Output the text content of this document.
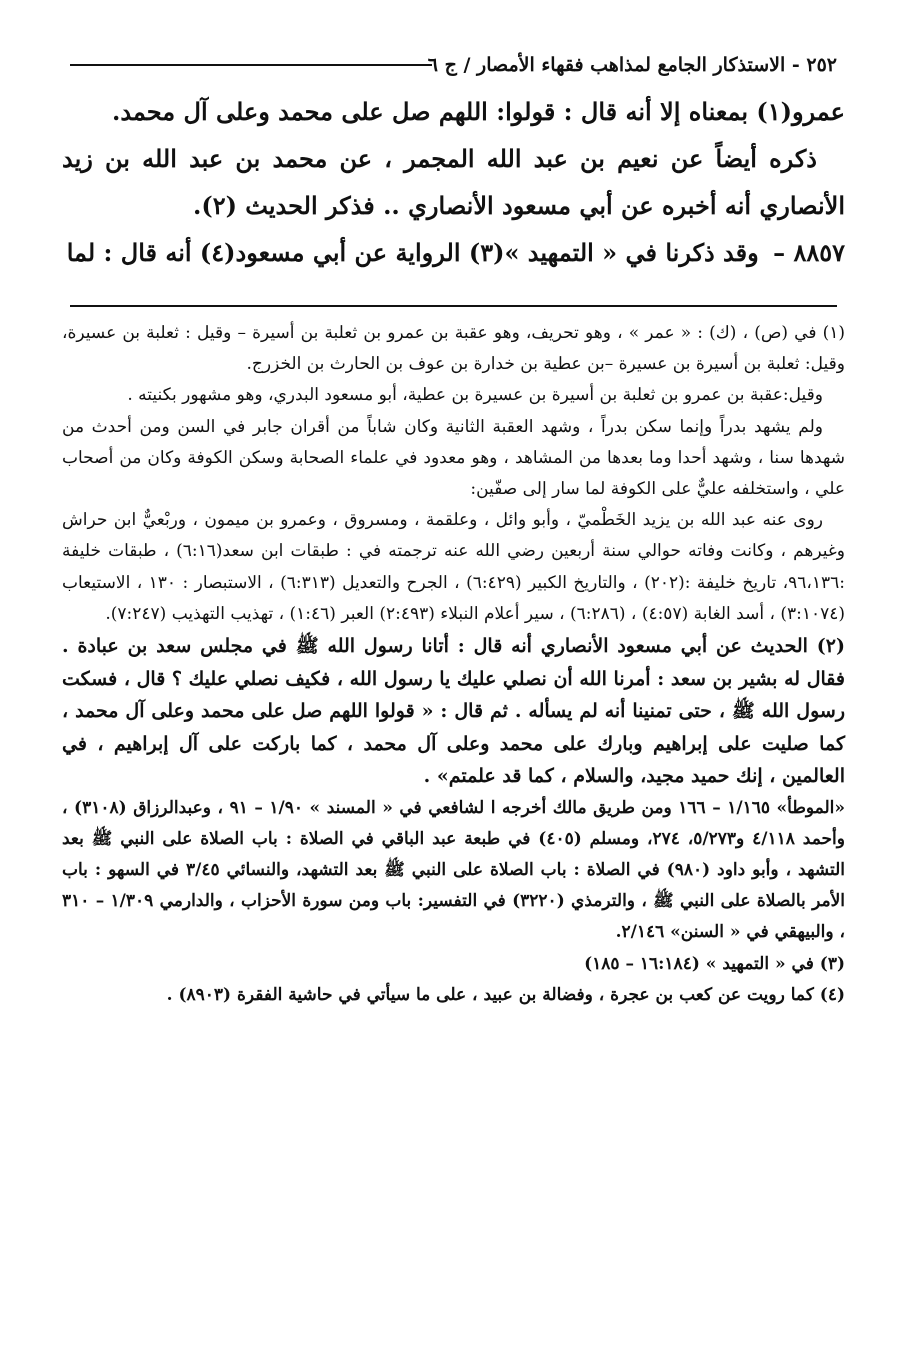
٢٥٢ - الاستذكار الجامع لمذاهب فقهاء الأمصار / ج ٦

عمرو(١) بمعناه إلا أنه قال : قولوا: اللهم صل على محمد وعلى آل محمد.

ذكره أيضاً عن نعيم بن عبد الله المجمر ، عن محمد بن عبد الله بن زيد الأنصاري أنه أخبره عن أبي مسعود الأنصاري .. فذكر الحديث (٢).

٨٨٥٧ – وقد ذكرنا في « التمهيد »(٣) الرواية عن أبي مسعود(٤) أنه قال : لما

(١) في (ص) ، (ك) : « عمر » ، وهو تحريف، وهو عقبة بن عمرو بن ثعلبة بن أسيرة – وقيل : ثعلبة بن عسيرة، وقيل: ثعلبة بن أسيرة بن عسيرة –بن عطية بن خدارة بن عوف بن الحارث بن الخزرج.

وقيل:عقبة بن عمرو بن ثعلبة بن أسيرة بن عسيرة بن عطية، أبو مسعود البدري، وهو مشهور بكنيته .

ولم يشهد بدراً وإنما سكن بدراً ، وشهد العقبة الثانية وكان شاباً من أقران جابر في السن ومن أحدث من شهدها سنا ، وشهد أحدا وما بعدها من المشاهد ، وهو معدود في علماء الصحابة وسكن الكوفة وكان من أصحاب علي ، واستخلفه عليٌّ على الكوفة لما سار إلى صفّين:

روى عنه عبد الله بن يزيد الخَطْميّ ، وأبو وائل ، وعلقمة ، ومسروق ، وعمرو بن ميمون ، وربْعيٌّ ابن حراش وغيرهم ، وكانت وفاته حوالي سنة أربعين رضي الله عنه ترجمته في : طبقات ابن سعد(٦:١٦) ، طبقات خليفة :٩٦،١٣٦، تاريخ خليفة :(٢٠٢) ، والتاريخ الكبير (٦:٤٢٩) ، الجرح والتعديل (٦:٣١٣) ، الاستبصار : ١٣٠ ، الاستيعاب (٣:١٠٧٤) ، أسد الغابة (٤:٥٧) ، (٦:٢٨٦) ، سير أعلام النبلاء (٢:٤٩٣) العبر (١:٤٦) ، تهذيب التهذيب (٧:٢٤٧).

(٢) الحديث عن أبي مسعود الأنصاري أنه قال : أتانا رسول الله ﷺ في مجلس سعد بن عبادة . فقال له بشير بن سعد : أمرنا الله أن نصلي عليك يا رسول الله ، فكيف نصلي عليك ؟ قال ، فسكت رسول الله ﷺ ، حتى تمنينا أنه لم يسأله . ثم قال : « قولوا اللهم صل على محمد وعلى آل محمد ، كما صليت على إبراهيم وبارك على محمد وعلى آل محمد ، كما باركت على آل إبراهيم ، في العالمين ، إنك حميد مجيد، والسلام ، كما قد علمتم» .

«الموطأ» ١/١٦٥ – ١٦٦ ومن طريق مالك أخرجه ا لشافعي في « المسند » ١/٩٠ – ٩١ ، وعبدالرزاق (٣١٠٨) ، وأحمد ٤/١١٨ و٥/٢٧٣، ٢٧٤، ومسلم (٤٠٥) في طبعة عبد الباقي في الصلاة : باب الصلاة على النبي ﷺ بعد التشهد ، وأبو داود (٩٨٠) في الصلاة : باب الصلاة على النبي ﷺ بعد التشهد، والنسائي ٣/٤٥ في السهو : باب الأمر بالصلاة على النبي ﷺ ، والترمذي (٣٢٢٠) في التفسير: باب ومن سورة الأحزاب ، والدارمي ١/٣٠٩ – ٣١٠ ، والبيهقي في « السنن» ٢/١٤٦.

(٣) في « التمهيد » (١٦:١٨٤ – ١٨٥)

(٤) كما رويت عن كعب بن عجرة ، وفضالة بن عبيد ، على ما سيأتي في حاشية الفقرة (٨٩٠٣) .
